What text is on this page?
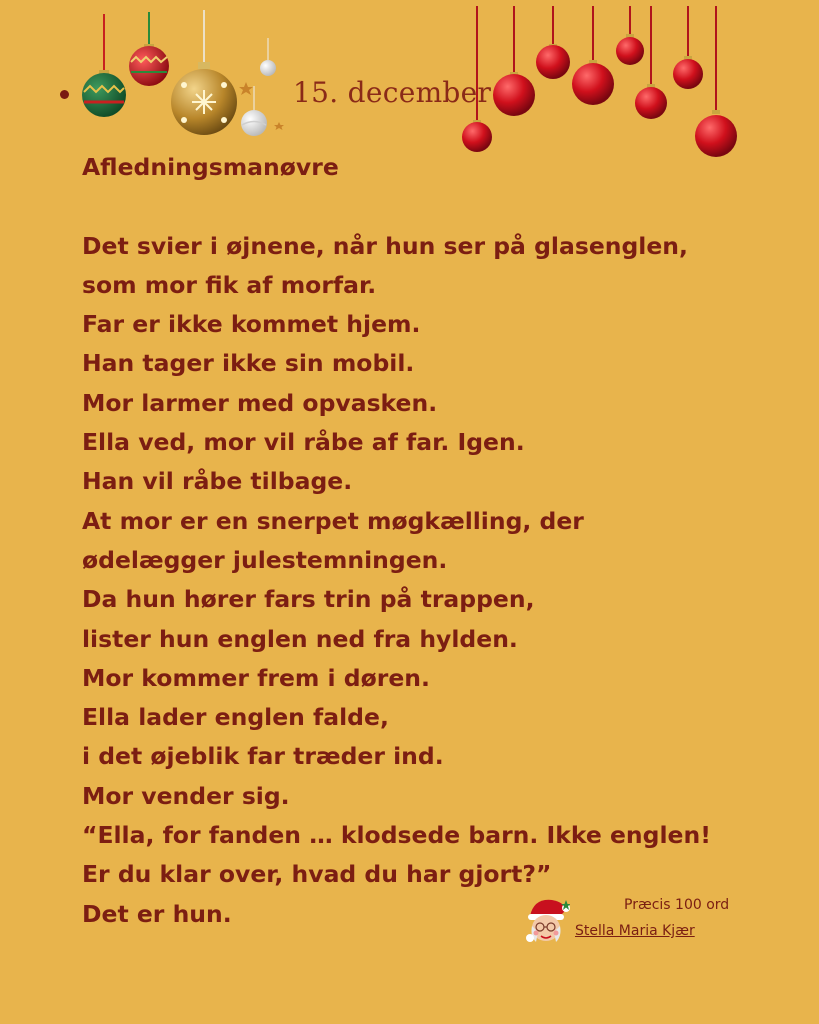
15. december
Afledningsmanøvre
Det svier i øjnene, når hun ser på glasenglen,
som mor fik af morfar.
Far er ikke kommet hjem.
Han tager ikke sin mobil.
Mor larmer med opvasken.
Ella ved, mor vil råbe af far. Igen.
Han vil råbe tilbage.
At mor er en snerpet møgkælling, der
ødelægger julestemningen.
Da hun hører fars trin på trappen,
lister hun englen ned fra hylden.
Mor kommer frem i døren.
Ella lader englen falde,
i det øjeblik far træder ind.
Mor vender sig.
“Ella, for fanden … klodsede barn. Ikke englen!
Er du klar over, hvad du har gjort?”
Det er hun.	Præcis 100 ord
Stella Maria Kjær
